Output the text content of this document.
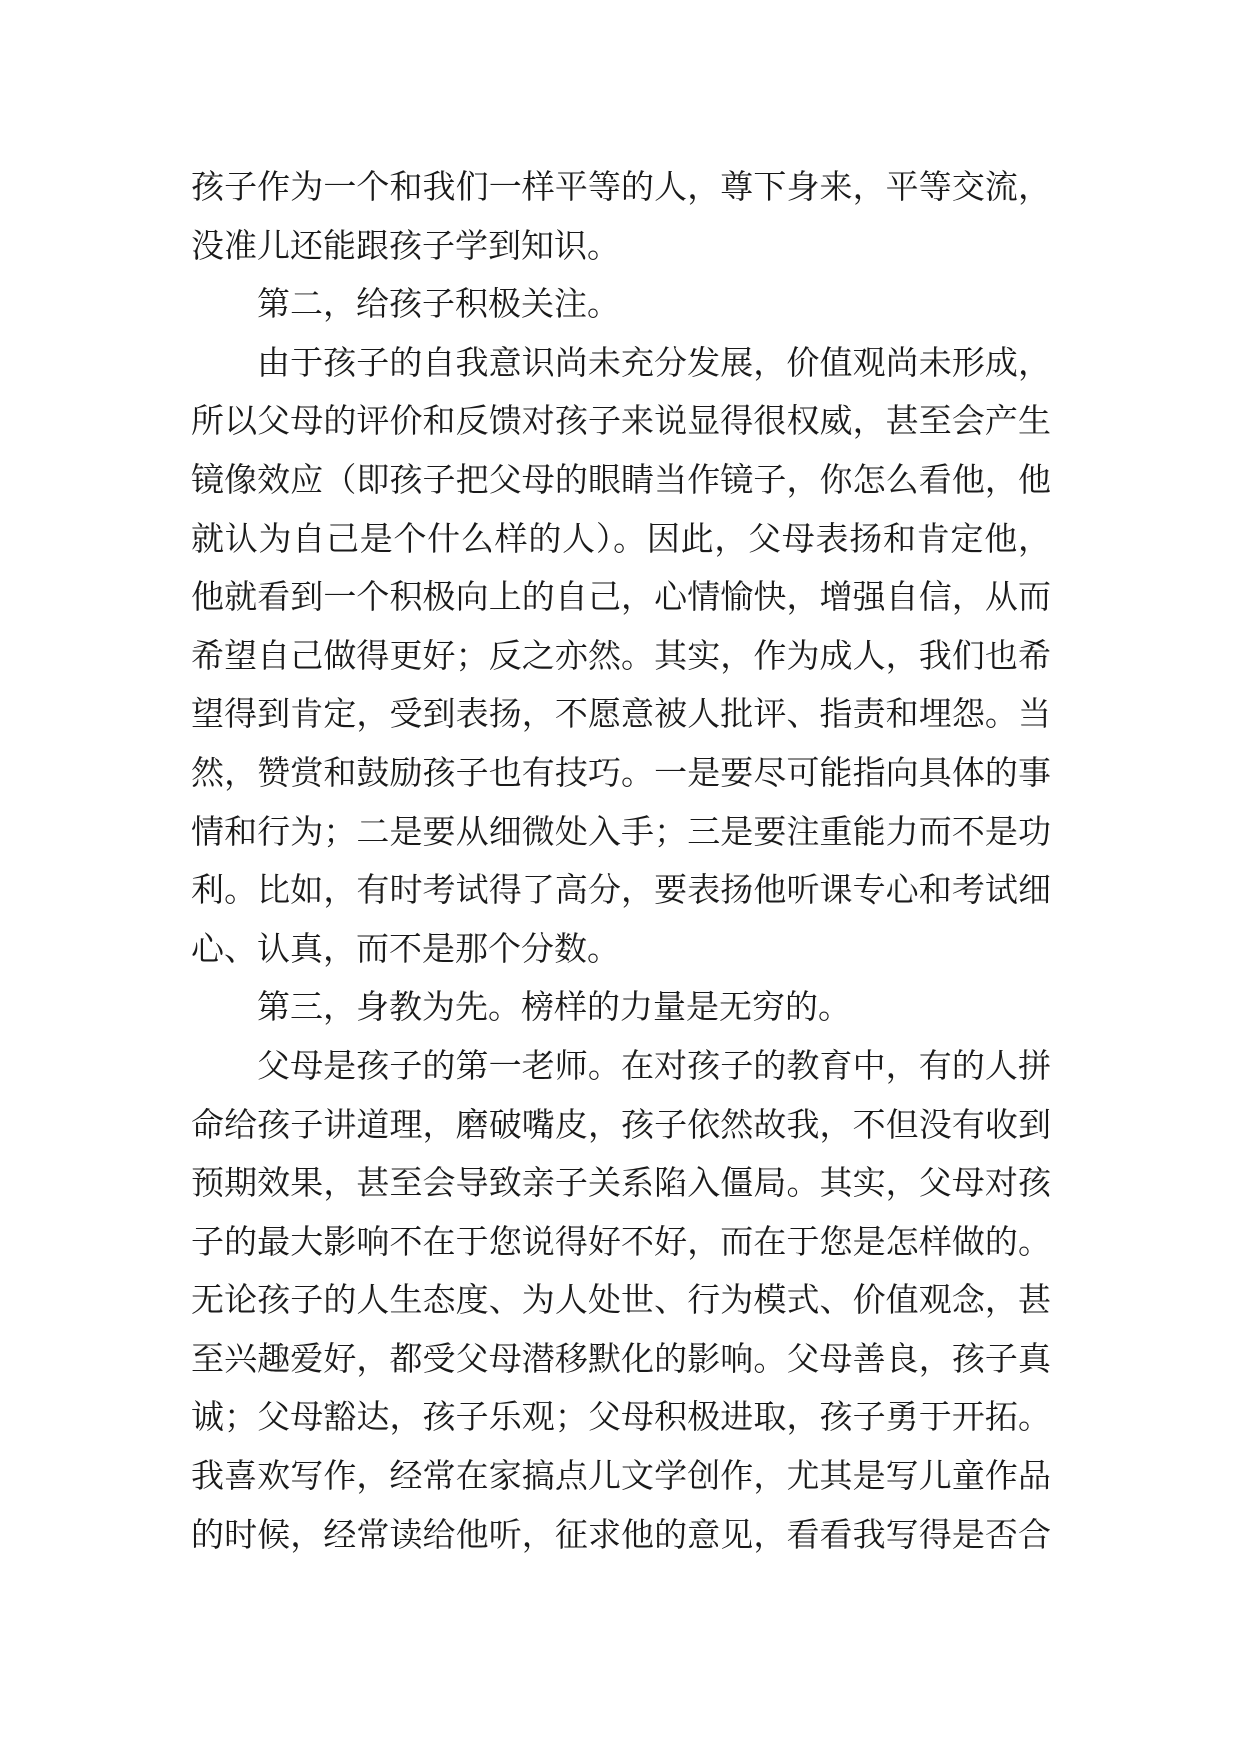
孩子作为一个和我们一样平等的人，尊下身来，平等交流，
没准儿还能跟孩子学到知识。
第二，给孩子积极关注。
由于孩子的自我意识尚未充分发展，价值观尚未形成，
所以父母的评价和反馈对孩子来说显得很权威，甚至会产生
镜像效应（即孩子把父母的眼睛当作镜子，你怎么看他，他
就认为自己是个什么样的人）。因此，父母表扬和肯定他，
他就看到一个积极向上的自己，心情愉快，增强自信，从而
希望自己做得更好；反之亦然。其实，作为成人，我们也希
望得到肯定，受到表扬，不愿意被人批评、指责和埋怨。当
然，赞赏和鼓励孩子也有技巧。一是要尽可能指向具体的事
情和行为；二是要从细微处入手；三是要注重能力而不是功
利。比如，有时考试得了高分，要表扬他听课专心和考试细
心、认真，而不是那个分数。
第三，身教为先。榜样的力量是无穷的。
父母是孩子的第一老师。在对孩子的教育中，有的人拼
命给孩子讲道理，磨破嘴皮，孩子依然故我，不但没有收到
预期效果，甚至会导致亲子关系陷入僵局。其实，父母对孩
子的最大影响不在于您说得好不好，而在于您是怎样做的。
无论孩子的人生态度、为人处世、行为模式、价值观念，甚
至兴趣爱好，都受父母潜移默化的影响。父母善良，孩子真
诚；父母豁达，孩子乐观；父母积极进取，孩子勇于开拓。
我喜欢写作，经常在家搞点儿文学创作，尤其是写儿童作品
的时候，经常读给他听，征求他的意见，看看我写得是否合
